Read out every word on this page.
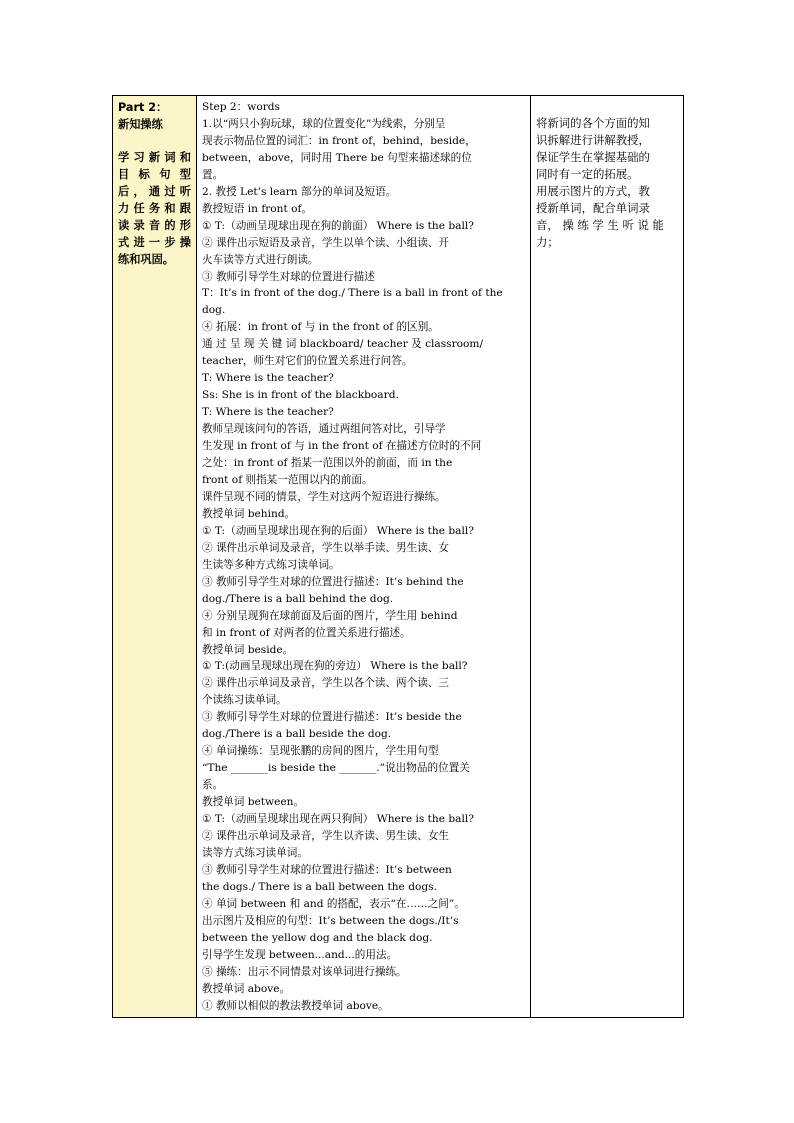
Part 2：
新知操练
学习新词和
目 标 句 型
后，通过听
力任务和跟
读录音的形
式进一步操
练和巩固。

Step 2：words
1.以“两只小狗玩球，球的位置变化”为线索，分别呈
现表示物品位置的词汇：in front of，behind，beside，
between，above，同时用 There be 句型来描述球的位
置。
2. 教授 Let’s learn 部分的单词及短语。
教授短语 in front of。
① T:（动画呈现球出现在狗的前面） Where is the ball?
② 课件出示短语及录音，学生以单个读、小组读、开
火车读等方式进行朗读。
③ 教师引导学生对球的位置进行描述
T：It’s in front of the dog./ There is a ball in front of the
dog.
④ 拓展：in front of 与 in the front of 的区别。
通 过 呈 现 关 键 词 blackboard/ teacher 及 classroom/
teacher，师生对它们的位置关系进行问答。
T: Where is the teacher?
Ss: She is in front of the blackboard.
T: Where is the teacher?
教师呈现该问句的答语，通过两组问答对比，引导学
生发现 in front of 与 in the front of 在描述方位时的不同
之处：in front of 指某一范围以外的前面，而 in the
front of 则指某一范围以内的前面。
课件呈现不同的情景，学生对这两个短语进行操练。
教授单词 behind。
① T:（动画呈现球出现在狗的后面） Where is the ball?
② 课件出示单词及录音，学生以举手读、男生读、女
生读等多种方式练习读单词。
③ 教师引导学生对球的位置进行描述：It’s behind the
dog./There is a ball behind the dog.
④ 分别呈现狗在球前面及后面的图片，学生用 behind
和 in front of 对两者的位置关系进行描述。
教授单词 beside。
① T:(动画呈现球出现在狗的旁边） Where is the ball?
② 课件出示单词及录音，学生以各个读、两个读、三
个读练习读单词。
③ 教师引导学生对球的位置进行描述：It’s beside the
dog./There is a ball beside the dog.
④ 单词操练：呈现张鹏的房间的图片，学生用句型
“The _______is beside the _______.”说出物品的位置关
系。
教授单词 between。
① T:（动画呈现球出现在两只狗间） Where is the ball?
② 课件出示单词及录音，学生以齐读、男生读、女生
读等方式练习读单词。
③ 教师引导学生对球的位置进行描述：It’s between
the dogs./ There is a ball between the dogs.
④ 单词 between 和 and 的搭配，表示“在……之间”。
出示图片及相应的句型：It’s between the dogs./It’s
between the yellow dog and the black dog.
引导学生发现 between...and...的用法。
⑤ 操练：出示不同情景对该单词进行操练。
教授单词 above。
① 教师以相似的教法教授单词 above。

将新词的各个方面的知
识拆解进行讲解教授，
保证学生在掌握基础的
同时有一定的拓展。
用展示图片的方式，教
授新单词，配合单词录
音， 操 练 学 生 听 说 能
力；
